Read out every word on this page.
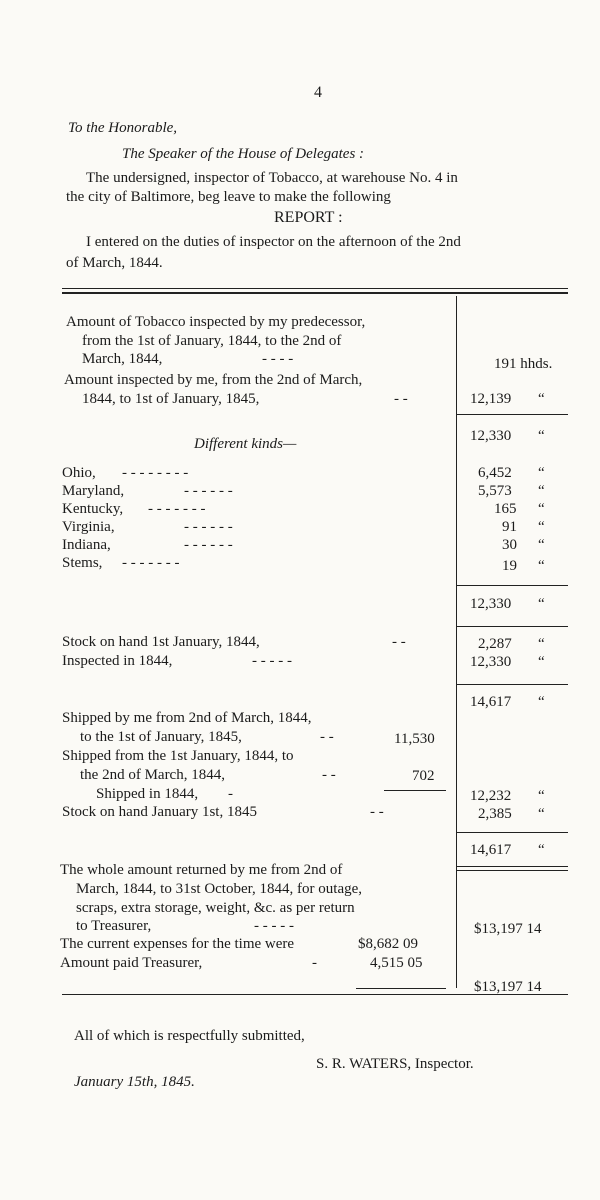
4
To the Honorable,
The Speaker of the House of Delegates :
The undersigned, inspector of Tobacco, at warehouse No. 4 in
the city of Baltimore, beg leave to make the following
REPORT :
I entered on the duties of inspector on the afternoon of the 2nd
of March, 1844.
Amount of Tobacco inspected by my predecessor,
from the 1st of January, 1844, to the 2nd of
March, 1844,	- - - -	191 hhds.
Amount inspected by me, from the 2nd of March,
1844, to 1st of January, 1845,	- -	12,139 “
12,330 “
Different kinds—
Ohio, - - - - - - - -	6,452 “
Maryland,	- - - - - -	5,573 “
Kentucky, - - - - - - -	165 “
Virginia,	- - - - - -	91 “
Indiana,	- - - - - -	30 “
Stems, - - - - - - -	19 “
12,330 “
Stock on hand 1st January, 1844,	- -	2,287 “
Inspected in 1844,	- - - - -	12,330 “
14,617 “
Shipped by me from 2nd of March, 1844,
to the 1st of January, 1845,	- -	11,530
Shipped from the 1st January, 1844, to
the 2nd of March, 1844,	- -	702
Shipped in 1844, -	12,232 “
Stock on hand January 1st, 1845	- -	2,385 “
14,617 “
The whole amount returned by me from 2nd of
March, 1844, to 31st October, 1844, for outage,
scraps, extra storage, weight, &c. as per return
to Treasurer,	- - - - -	$13,197 14
The current expenses for the time were	$8,682 09
Amount paid Treasurer,	-	4,515 05
$13,197 14
All of which is respectfully submitted,
S. R. WATERS, Inspector.
January 15th, 1845.
